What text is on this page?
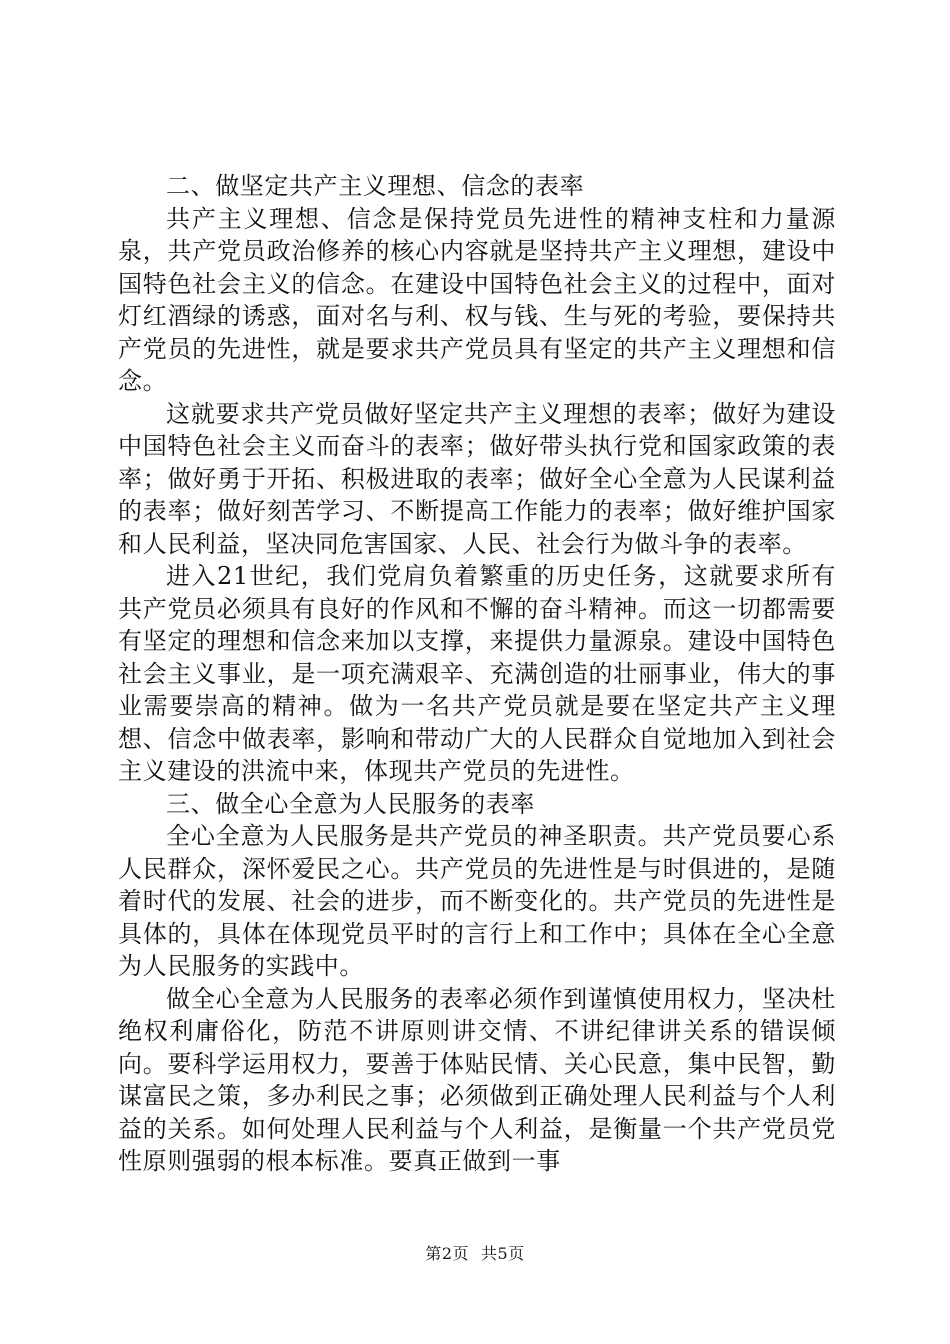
二、做坚定共产主义理想、信念的表率

共产主义理想、信念是保持党员先进性的精神支柱和力量源泉，共产党员政治修养的核心内容就是坚持共产主义理想，建设中国特色社会主义的信念。在建设中国特色社会主义的过程中，面对灯红酒绿的诱惑，面对名与利、权与钱、生与死的考验，要保持共产党员的先进性，就是要求共产党员具有坚定的共产主义理想和信念。

这就要求共产党员做好坚定共产主义理想的表率；做好为建设中国特色社会主义而奋斗的表率；做好带头执行党和国家政策的表率；做好勇于开拓、积极进取的表率；做好全心全意为人民谋利益的表率；做好刻苦学习、不断提高工作能力的表率；做好维护国家和人民利益，坚决同危害国家、人民、社会行为做斗争的表率。

进入21世纪，我们党肩负着繁重的历史任务，这就要求所有共产党员必须具有良好的作风和不懈的奋斗精神。而这一切都需要有坚定的理想和信念来加以支撑，来提供力量源泉。建设中国特色社会主义事业，是一项充满艰辛、充满创造的壮丽事业，伟大的事业需要崇高的精神。做为一名共产党员就是要在坚定共产主义理想、信念中做表率，影响和带动广大的人民群众自觉地加入到社会主义建设的洪流中来，体现共产党员的先进性。

三、做全心全意为人民服务的表率

全心全意为人民服务是共产党员的神圣职责。共产党员要心系人民群众，深怀爱民之心。共产党员的先进性是与时俱进的，是随着时代的发展、社会的进步，而不断变化的。共产党员的先进性是具体的，具体在体现党员平时的言行上和工作中；具体在全心全意为人民服务的实践中。

做全心全意为人民服务的表率必须作到谨慎使用权力，坚决杜绝权利庸俗化，防范不讲原则讲交情、不讲纪律讲关系的错误倾向。要科学运用权力，要善于体贴民情、关心民意，集中民智，勤谋富民之策，多办利民之事；必须做到正确处理人民利益与个人利益的关系。如何处理人民利益与个人利益，是衡量一个共产党员党性原则强弱的根本标准。要真正做到一事

第2页 共5页
